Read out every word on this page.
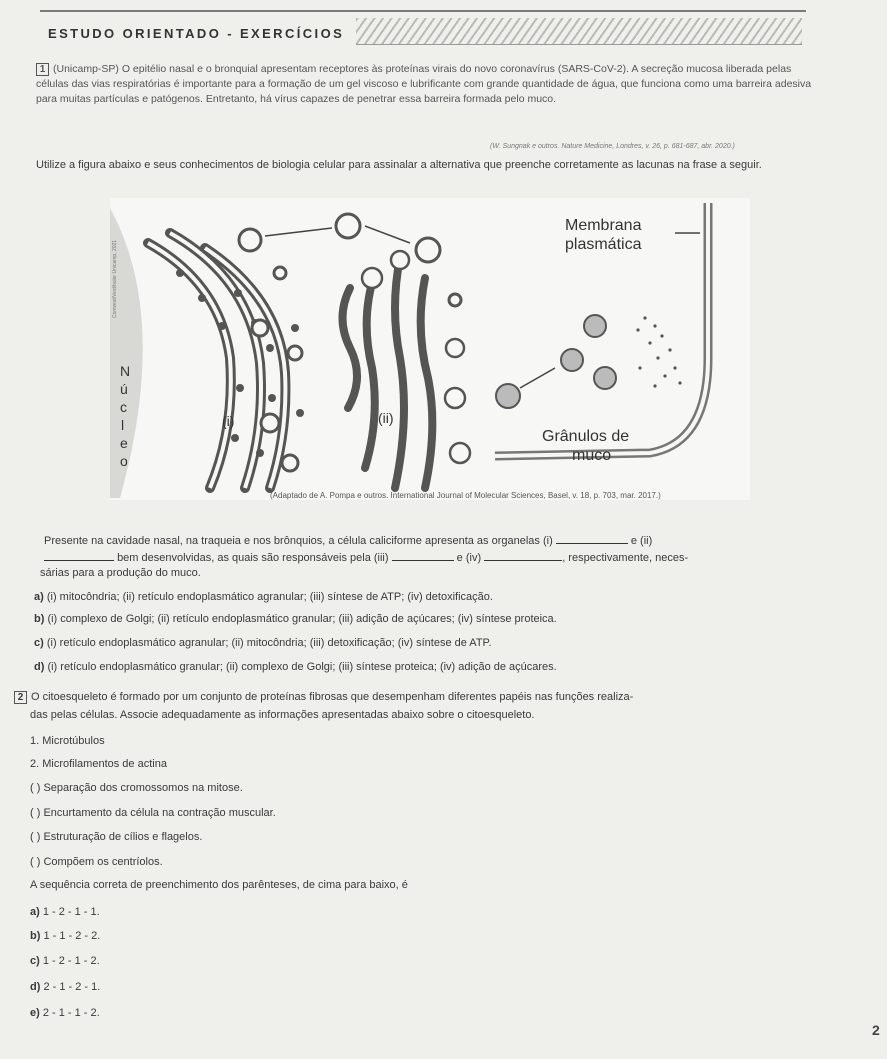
ESTUDO ORIENTADO - EXERCÍCIOS
1 (Unicamp-SP) O epitélio nasal e o bronquial apresentam receptores às proteínas virais do novo coronavírus (SARS-CoV-2). A secreção mucosa liberada pelas células das vias respiratórias é importante para a formação de um gel viscoso e lubrificante com grande quantidade de água, que funciona como uma barreira adesiva para muitas partículas e patógenos. Entretanto, há vírus capazes de penetrar essa barreira formada pelo muco.
(W. Sungnak e outros. Nature Medicine, Londres, v. 26, p. 681-687, abr. 2020.)
Utilize a figura abaixo e seus conhecimentos de biologia celular para assinalar a alternativa que preenche corretamente as lacunas na frase a seguir.
N
ú
c
l
e
o
(i)	(ii)
Membrana
plasmática
Grânulos de
muco
Comvest/Vestibular Unicamp, 2021
(Adaptado de A. Pompa e outros. International Journal of Molecular Sciences, Basel, v. 18, p. 703, mar. 2017.)
Presente na cavidade nasal, na traqueia e nos brônquios, a célula caliciforme apresenta as organelas (i)	e (ii)
bem desenvolvidas, as quais são responsáveis pela (iii)	e (iv)	, respectivamente, neces-
sárias para a produção do muco.
a) (i) mitocôndria; (ii) retículo endoplasmático agranular; (iii) síntese de ATP; (iv) detoxificação.
b) (i) complexo de Golgi; (ii) retículo endoplasmático granular; (iii) adição de açúcares; (iv) síntese proteica.
c) (i) retículo endoplasmático agranular; (ii) mitocôndria; (iii) detoxificação; (iv) síntese de ATP.
d) (i) retículo endoplasmático granular; (ii) complexo de Golgi; (iii) síntese proteica; (iv) adição de açúcares.
2 O citoesqueleto é formado por um conjunto de proteínas fibrosas que desempenham diferentes papéis nas funções realiza-
das pelas células. Associe adequadamente as informações apresentadas abaixo sobre o citoesqueleto.
1. Microtúbulos
2. Microfilamentos de actina
( ) Separação dos cromossomos na mitose.
( ) Encurtamento da célula na contração muscular.
( ) Estruturação de cílios e flagelos.
( ) Compõem os centríolos.
A sequência correta de preenchimento dos parênteses, de cima para baixo, é
a) 1 - 2 - 1 - 1.
b) 1 - 1 - 2 - 2.
c) 1 - 2 - 1 - 2.
d) 2 - 1 - 2 - 1.
e) 2 - 1 - 1 - 2.
2
